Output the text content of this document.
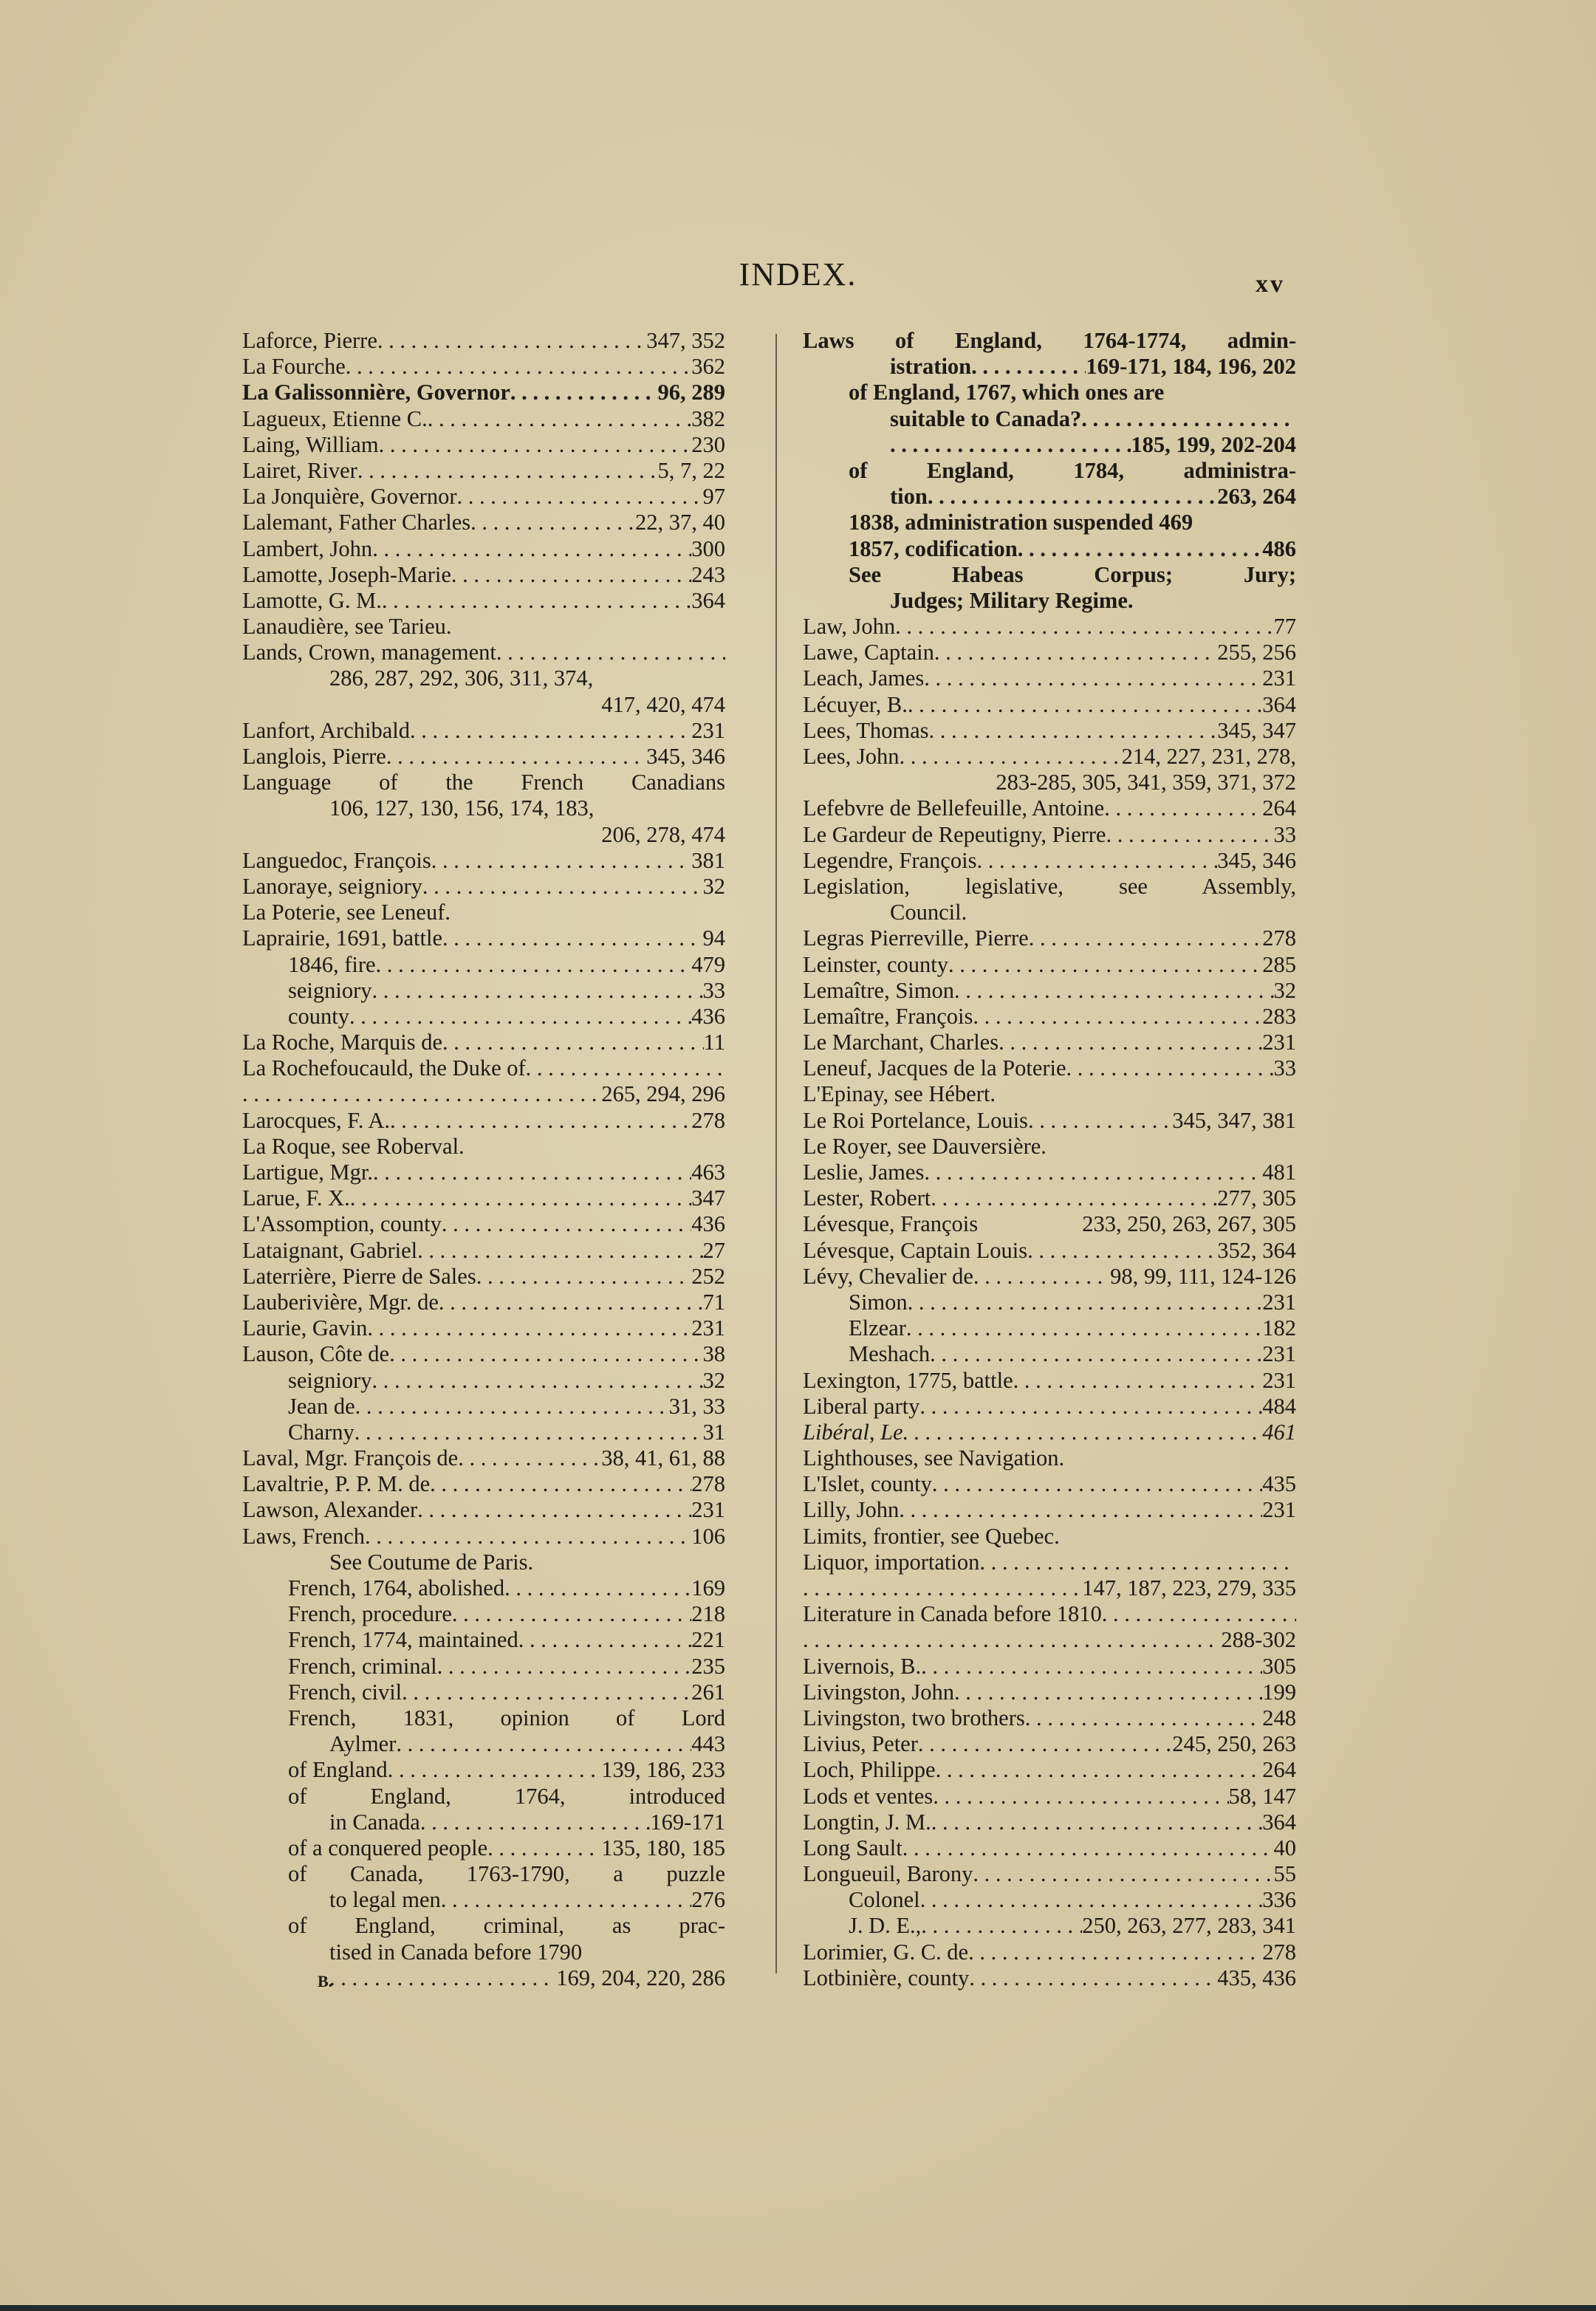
INDEX.	xv
Laforce, Pierre . . .	347, 352
La Fourche . . .	362
La Galissonnière, Governor . . .	96, 289
Lagueux, Etienne C. . . .	382
Laing, William . . .	230
Lairet, River . . .	5, 7, 22
La Jonquière, Governor . . .	97
Lalemant, Father Charles . . .	22, 37, 40
Lambert, John . . .	300
Lamotte, Joseph-Marie . . .	243
Lamotte, G. M. . . .	364
Lanaudière, see Tarieu.
Lands, Crown, management
. . .
286, 287, 292, 306, 311, 374,
417, 420, 474
Lanfort, Archibald . . .	231
Langlois, Pierre . . .	345, 346
Language of the French Canadians
106, 127, 130, 156, 174, 183,
206, 278, 474
Languedoc, François . . .	381
Lanoraye, seigniory . . .	32
La Poterie, see Leneuf.
Laprairie, 1691, battle . . .	94
1846, fire . . .	479
seigniory . . .	33
county . . .	436
La Roche, Marquis de . . .	11
La Rochefoucauld, the Duke of
. . .
. . .
265, 294, 296
Larocques, F. A. . . .	278
La Roque, see Roberval.
Lartigue, Mgr. . . .	463
Larue, F. X. . . .	347
L'Assomption, county . . .	436
Lataignant, Gabriel . . .	27
Laterrière, Pierre de Sales . . .	252
Lauberivière, Mgr. de . . .	71
Laurie, Gavin . . .	231
Lauson, Côte de . . .	38
seigniory . . .	32
Jean de . . .	31, 33
Charny . . .	31
Laval, Mgr. François de . . .	38, 41, 61, 88
Lavaltrie, P. P. M. de . . .	278
Lawson, Alexander . . .	231
Laws, French . . .	106
See Coutume de Paris.
French, 1764, abolished . . .	169
French, procedure . . .	218
French, 1774, maintained . . .	221
French, criminal . . .	235
French, civil . . .	261
French, 1831, opinion of Lord
Aylmer . . .	443
of England . . .	139, 186, 233
of England, 1764, introduced
in Canada . . .	169-171
of a conquered people . . .	135, 180, 185
of Canada, 1763-1790, a puzzle
to legal men . . .	276
of England, criminal, as prac-
tised in Canada before 1790
. . .
169, 204, 220, 286
Laws of England, 1764-1774, admin-
istration . . .	169-171, 184, 196, 202
of England, 1767, which ones are
suitable to Canada?
. . .
. . .
185, 199, 202-204
of England, 1784, administra-
tion . . .	263, 264
1838, administration suspended 469
1857, codification . . .	486
See Habeas Corpus; Jury;
Judges; Military Regime.
Law, John . . .	77
Lawe, Captain . . .	255, 256
Leach, James . . .	231
Lécuyer, B. . . .	364
Lees, Thomas . . .	345, 347
Lees, John . . .	214, 227, 231, 278,
283-285, 305, 341, 359, 371, 372
Lefebvre de Bellefeuille, Antoine . . .	264
Le Gardeur de Repeutigny, Pierre . . .	33
Legendre, François . . .	345, 346
Legislation, legislative, see Assembly,
Council.
Legras Pierreville, Pierre . . .	278
Leinster, county . . .	285
Lemaître, Simon . . .	32
Lemaître, François . . .	283
Le Marchant, Charles . . .	231
Leneuf, Jacques de la Poterie . . .	33
L'Epinay, see Hébert.
Le Roi Portelance, Louis . . .	345, 347, 381
Le Royer, see Dauversière.
Leslie, James . . .	481
Lester, Robert . . .	277, 305
Lévesque, François	233, 250, 263, 267, 305
Lévesque, Captain Louis . . .	352, 364
Lévy, Chevalier de . . .	98, 99, 111, 124-126
Simon . . .	231
Elzear . . .	182
Meshach . . .	231
Lexington, 1775, battle . . .	231
Liberal party . . .	484
Libéral, Le . . .	461
Lighthouses, see Navigation.
L'Islet, county . . .	435
Lilly, John . . .	231
Limits, frontier, see Quebec.
Liquor, importation
. . .
. . .
147, 187, 223, 279, 335
Literature in Canada before 1810
. . .
. . .
288-302
Livernois, B. . . .	305
Livingston, John . . .	199
Livingston, two brothers . . .	248
Livius, Peter . . .	245, 250, 263
Loch, Philippe . . .	264
Lods et ventes . . .	58, 147
Longtin, J. M. . . .	364
Long Sault . . .	40
Longueuil, Barony . . .	55
Colonel . . .	336
J. D. E., . . .	250, 263, 277, 283, 341
Lorimier, G. C. de . . .	278
Lotbinière, county . . .	435, 436
B.
